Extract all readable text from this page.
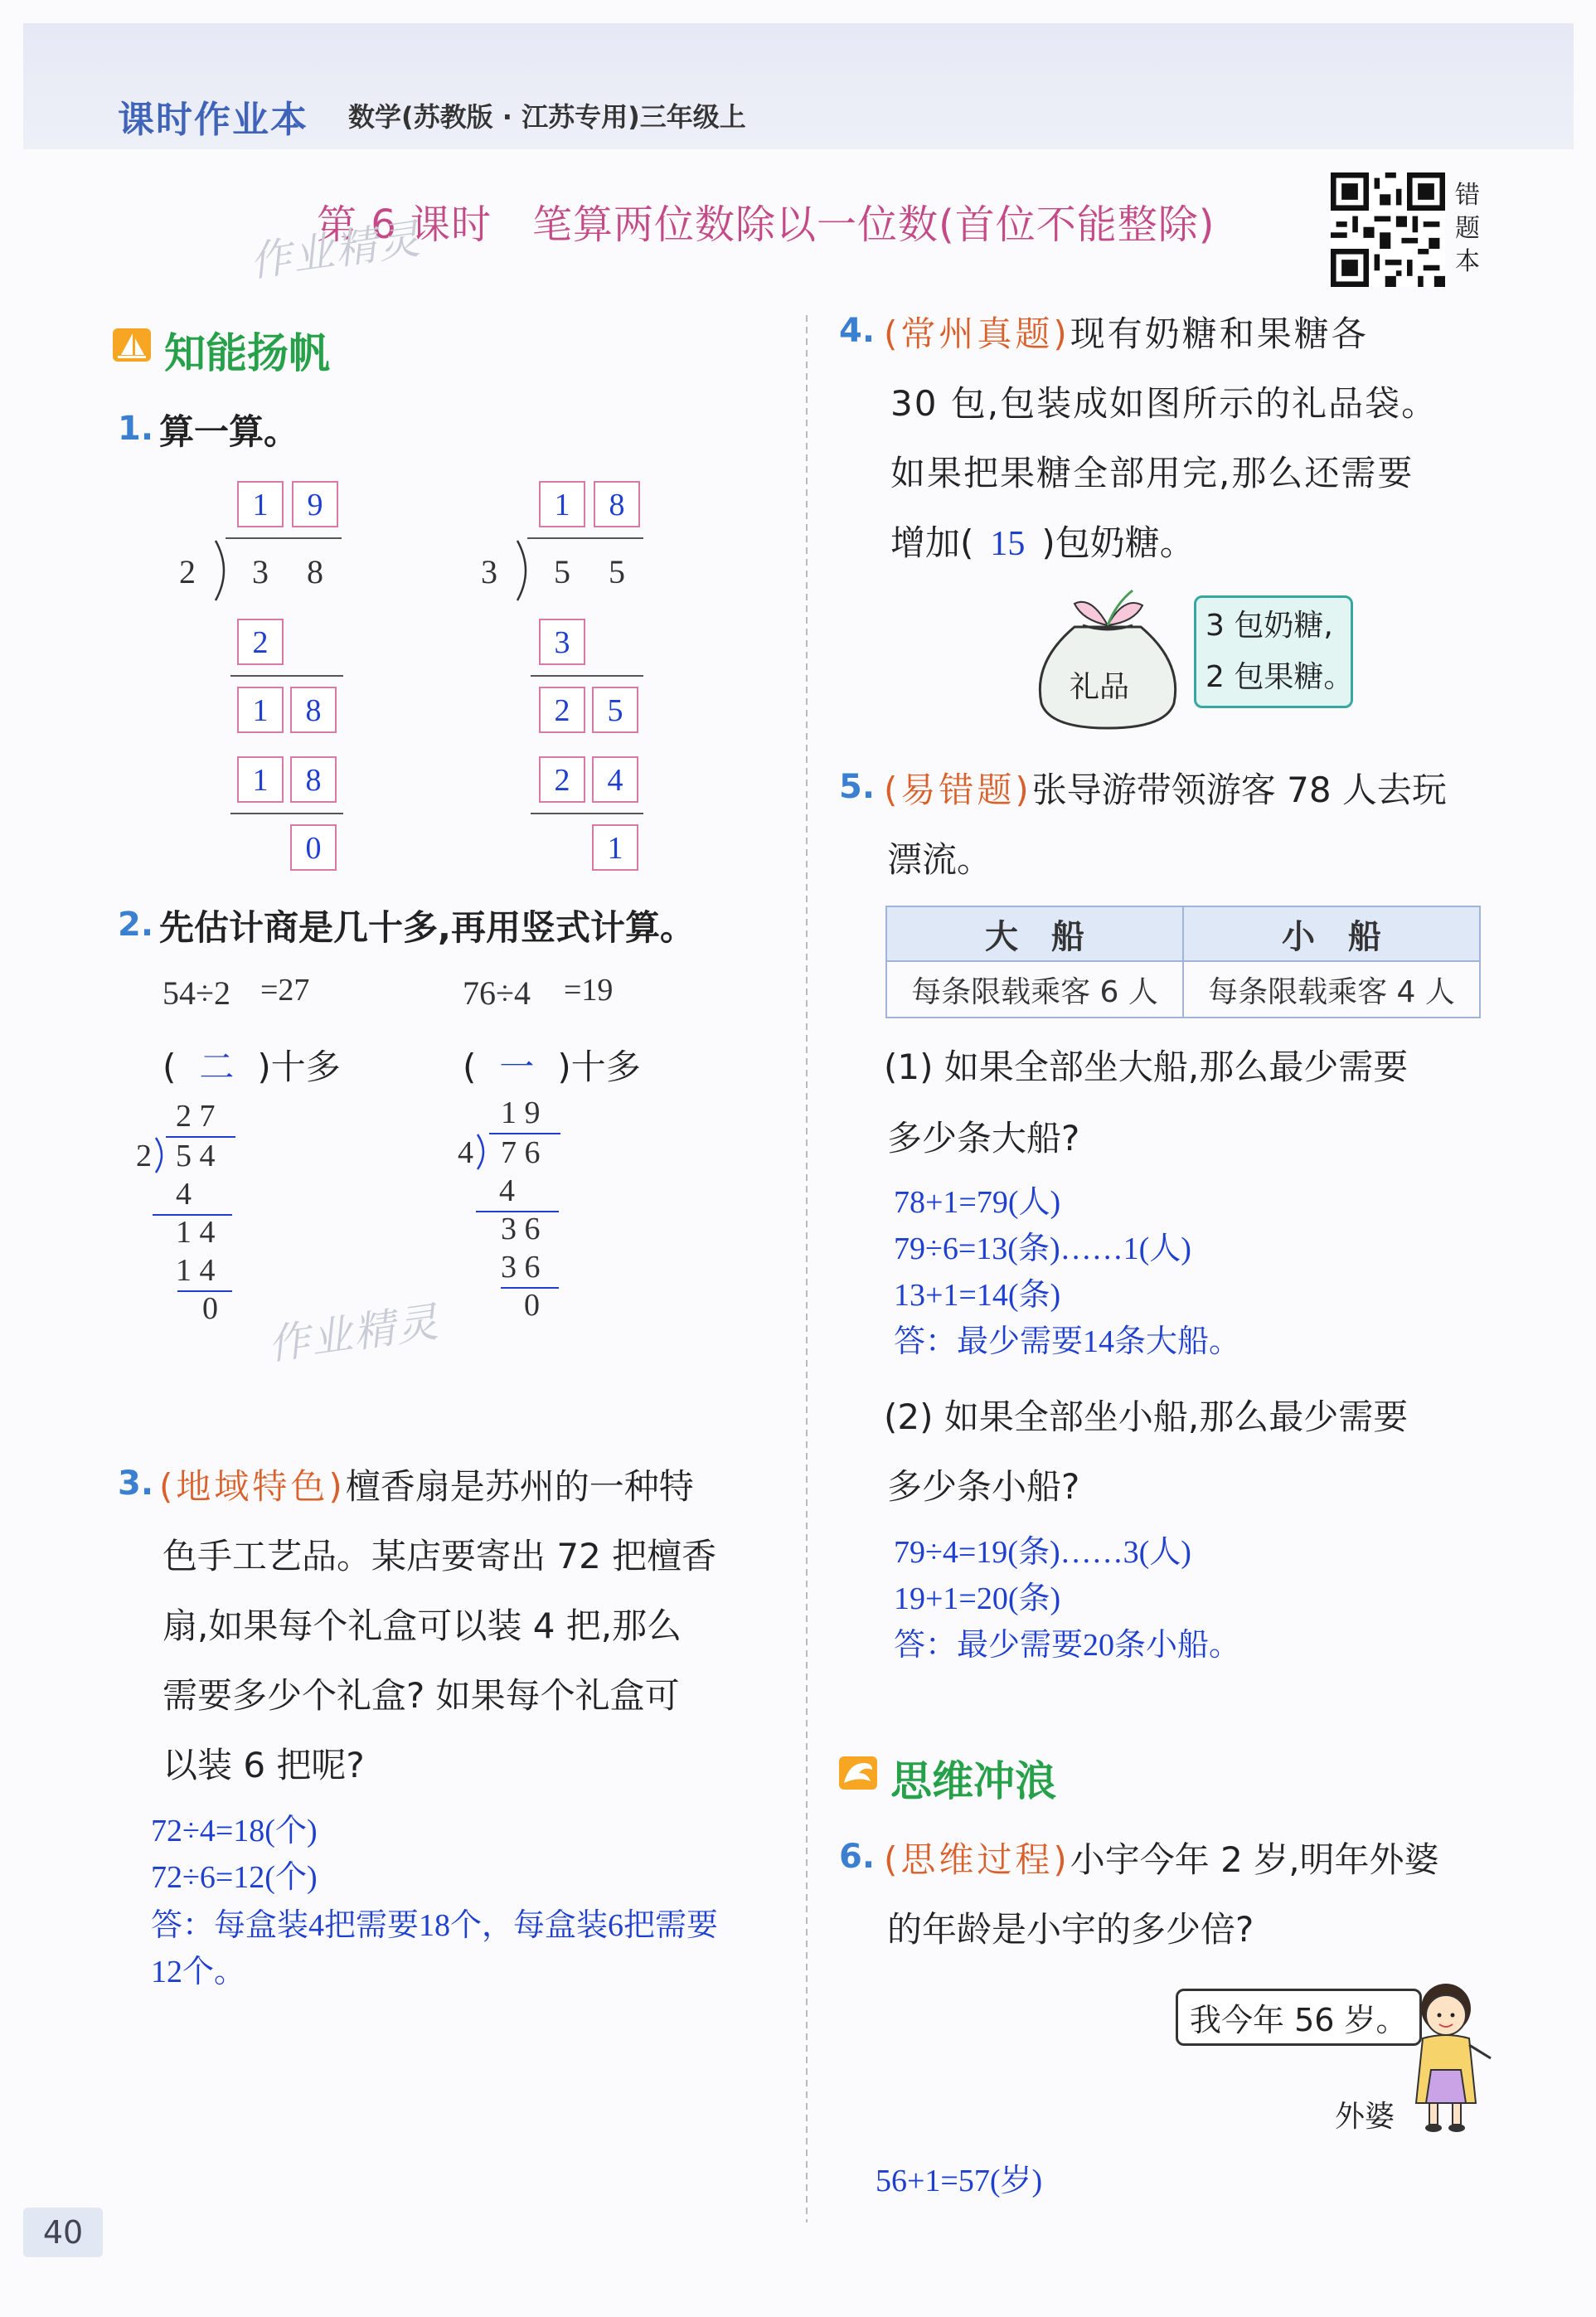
课时作业本 数学(苏教版 · 江苏专用)三年级上
第 6 课时　笔算两位数除以一位数(首位不能整除)
错题本
作业精灵
作业精灵
知能扬帆
1. 算一算。
1	9
2 3 8
2
1	8
1	8
0
1	8
3 5 5
3
2	5
2	4
1
2. 先估计商是几十多,再用竖式计算。
54÷2 =27
( 二 )十多
2 7
2 5 4
4
1 4
1 4
0
76÷4 =19
( 一 )十多
1 9
4 7 6
4
3 6
3 6
0
3. (地域特色)檀香扇是苏州的一种特
色手工艺品。某店要寄出 72 把檀香
扇,如果每个礼盒可以装 4 把,那么
需要多少个礼盒? 如果每个礼盒可
以装 6 把呢?
72÷4=18(个)
72÷6=12(个)
答：每盒装4把需要18个，每盒装6把需要
12个。
4. (常州真题)现有奶糖和果糖各
30 包,包装成如图所示的礼品袋。
如果把果糖全部用完,那么还需要
增加( 15 )包奶糖。
礼品
3 包奶糖,
2 包果糖。
5. (易错题)张导游带领游客 78 人去玩
漂流。
大　船	小　船
每条限载乘客 6 人	每条限载乘客 4 人
(1) 如果全部坐大船,那么最少需要
多少条大船?
78+1=79(人)
79÷6=13(条)……1(人)
13+1=14(条)
答：最少需要14条大船。
(2) 如果全部坐小船,那么最少需要
多少条小船?
79÷4=19(条)……3(人)
19+1=20(条)
答：最少需要20条小船。
思维冲浪
6. (思维过程)小宇今年 2 岁,明年外婆
的年龄是小宇的多少倍?
我今年 56 岁。
外婆
56+1=57(岁)
40
